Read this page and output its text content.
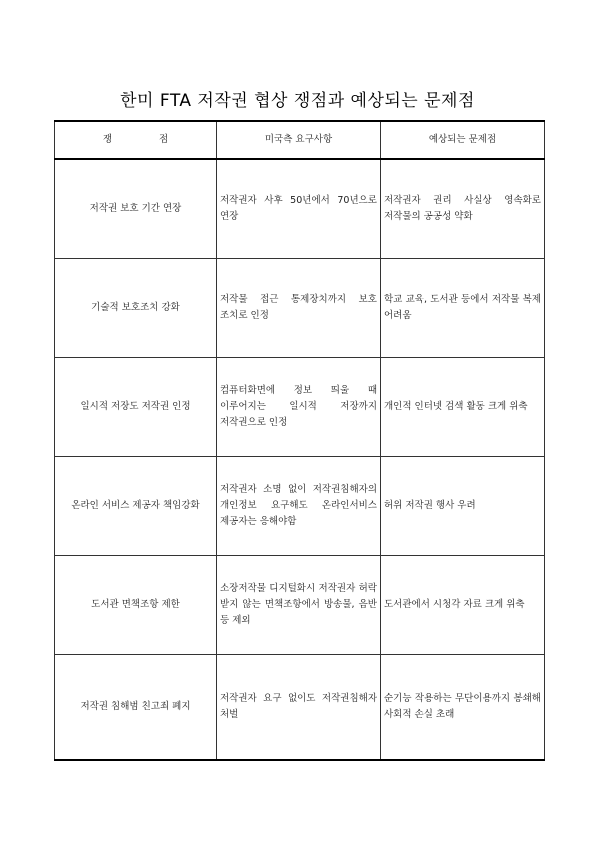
한미 FTA 저작권 협상 쟁점과 예상되는 문제점
쟁 점	미국측 요구사항	예상되는 문제점
저작권 보호 기간 연장	저작권자 사후 50년에서 70년으로 연장	저작권자 권리 사실상 영속화로 저작물의 공공성 약화
기술적 보호조치 강화	저작물 접근 통제장치까지 보호 조치로 인정	학교 교육, 도서관 등에서 저작물 복제 어려움
일시적 저장도 저작권 인정	컴퓨터화면에 정보 띄울 때 이루어지는 일시적 저장까지 저작권으로 인정	개인적 인터넷 검색 활동 크게 위축
온라인 서비스 제공자 책임강화	저작권자 소명 없이 저작권침해자의 개인정보 요구해도 온라인서비스 제공자는 응해야함	허위 저작권 행사 우려
도서관 면책조항 제한	소장저작물 디지털화시 저작권자 허락 받지 않는 면책조항에서 방송물, 음반 등 제외	도서관에서 시청각 자료 크게 위축
저작권 침해범 친고죄 폐지	저작권자 요구 없이도 저작권침해자 처벌	순기능 작용하는 무단이용까지 봉쇄해 사회적 손실 초래
